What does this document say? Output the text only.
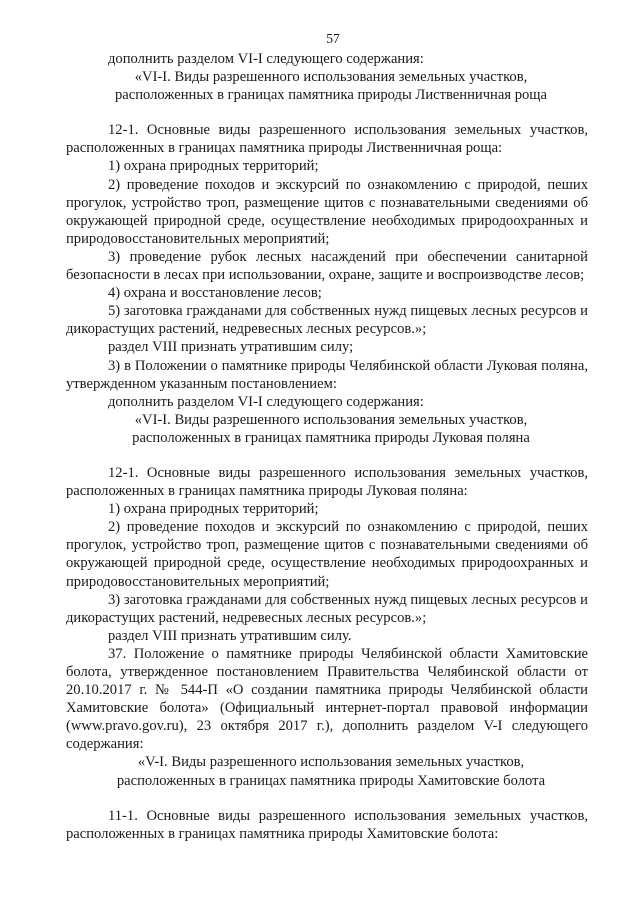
57

дополнить разделом VI-I следующего содержания:

«VI-I. Виды разрешенного использования земельных участков,
расположенных в границах памятника природы Лиственничная роща

12-1. Основные виды разрешенного использования земельных участков, расположенных в границах памятника природы Лиственничная роща:

1) охрана природных территорий;

2) проведение походов и экскурсий по ознакомлению с природой, пеших прогулок, устройство троп, размещение щитов с познавательными сведениями об окружающей природной среде, осуществление необходимых природоохранных и природовосстановительных мероприятий;

3) проведение рубок лесных насаждений при обеспечении санитарной безопасности в лесах при использовании, охране, защите и воспроизводстве лесов;

4) охрана и восстановление лесов;

5) заготовка гражданами для собственных нужд пищевых лесных ресурсов и дикорастущих растений, недревесных лесных ресурсов.»;

раздел VIII признать утратившим силу;

3) в Положении о памятнике природы Челябинской области Луковая поляна, утвержденном указанным постановлением:

дополнить разделом VI-I следующего содержания:

«VI-I. Виды разрешенного использования земельных участков,
расположенных в границах памятника природы Луковая поляна

12-1. Основные виды разрешенного использования земельных участков, расположенных в границах памятника природы Луковая поляна:

1) охрана природных территорий;

2) проведение походов и экскурсий по ознакомлению с природой, пеших прогулок, устройство троп, размещение щитов с познавательными сведениями об окружающей природной среде, осуществление необходимых природоохранных и природовосстановительных мероприятий;

3) заготовка гражданами для собственных нужд пищевых лесных ресурсов и дикорастущих растений, недревесных лесных ресурсов.»;

раздел VIII признать утратившим силу.

37. Положение о памятнике природы Челябинской области Хамитовские болота, утвержденное постановлением Правительства Челябинской области от 20.10.2017 г. № 544-П «О создании памятника природы Челябинской области Хамитовские болота» (Официальный интернет-портал правовой информации (www.pravo.gov.ru), 23 октября 2017 г.), дополнить разделом V-I следующего содержания:

«V-I. Виды разрешенного использования земельных участков,
расположенных в границах памятника природы Хамитовские болота

11-1. Основные виды разрешенного использования земельных участков, расположенных в границах памятника природы Хамитовские болота:
